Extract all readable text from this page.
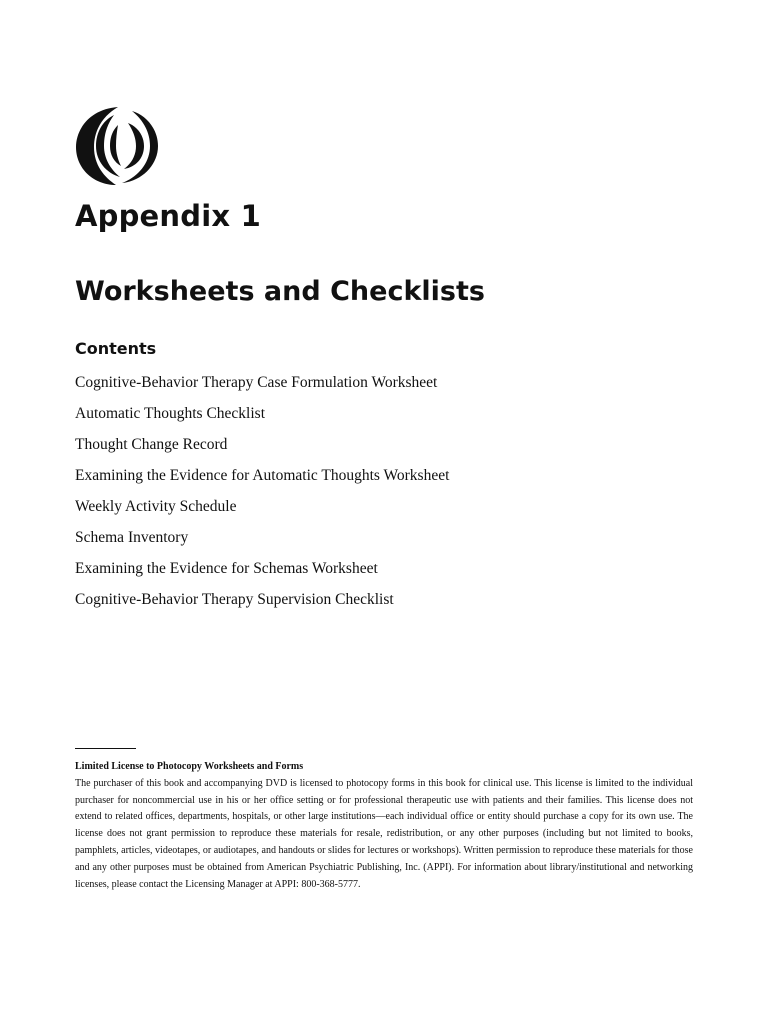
Appendix 1
Worksheets and Checklists
Contents
Cognitive-Behavior Therapy Case Formulation Worksheet
Automatic Thoughts Checklist
Thought Change Record
Examining the Evidence for Automatic Thoughts Worksheet
Weekly Activity Schedule
Schema Inventory
Examining the Evidence for Schemas Worksheet
Cognitive-Behavior Therapy Supervision Checklist

Limited License to Photocopy Worksheets and Forms

The purchaser of this book and accompanying DVD is licensed to photocopy forms in this book for clinical use. This license is limited to the individual purchaser for noncommercial use in his or her office setting or for professional therapeutic use with patients and their families. This license does not extend to related offices, departments, hospitals, or other large institutions—each individual office or entity should purchase a copy for its own use. The license does not grant permission to reproduce these materials for resale, redistribution, or any other purposes (including but not limited to books, pamphlets, articles, videotapes, or audiotapes, and handouts or slides for lectures or workshops). Written permission to reproduce these materials for those and any other purposes must be obtained from American Psychiatric Publishing, Inc. (APPI). For information about library/institutional and networking licenses, please contact the Licensing Manager at APPI: 800-368-5777.
